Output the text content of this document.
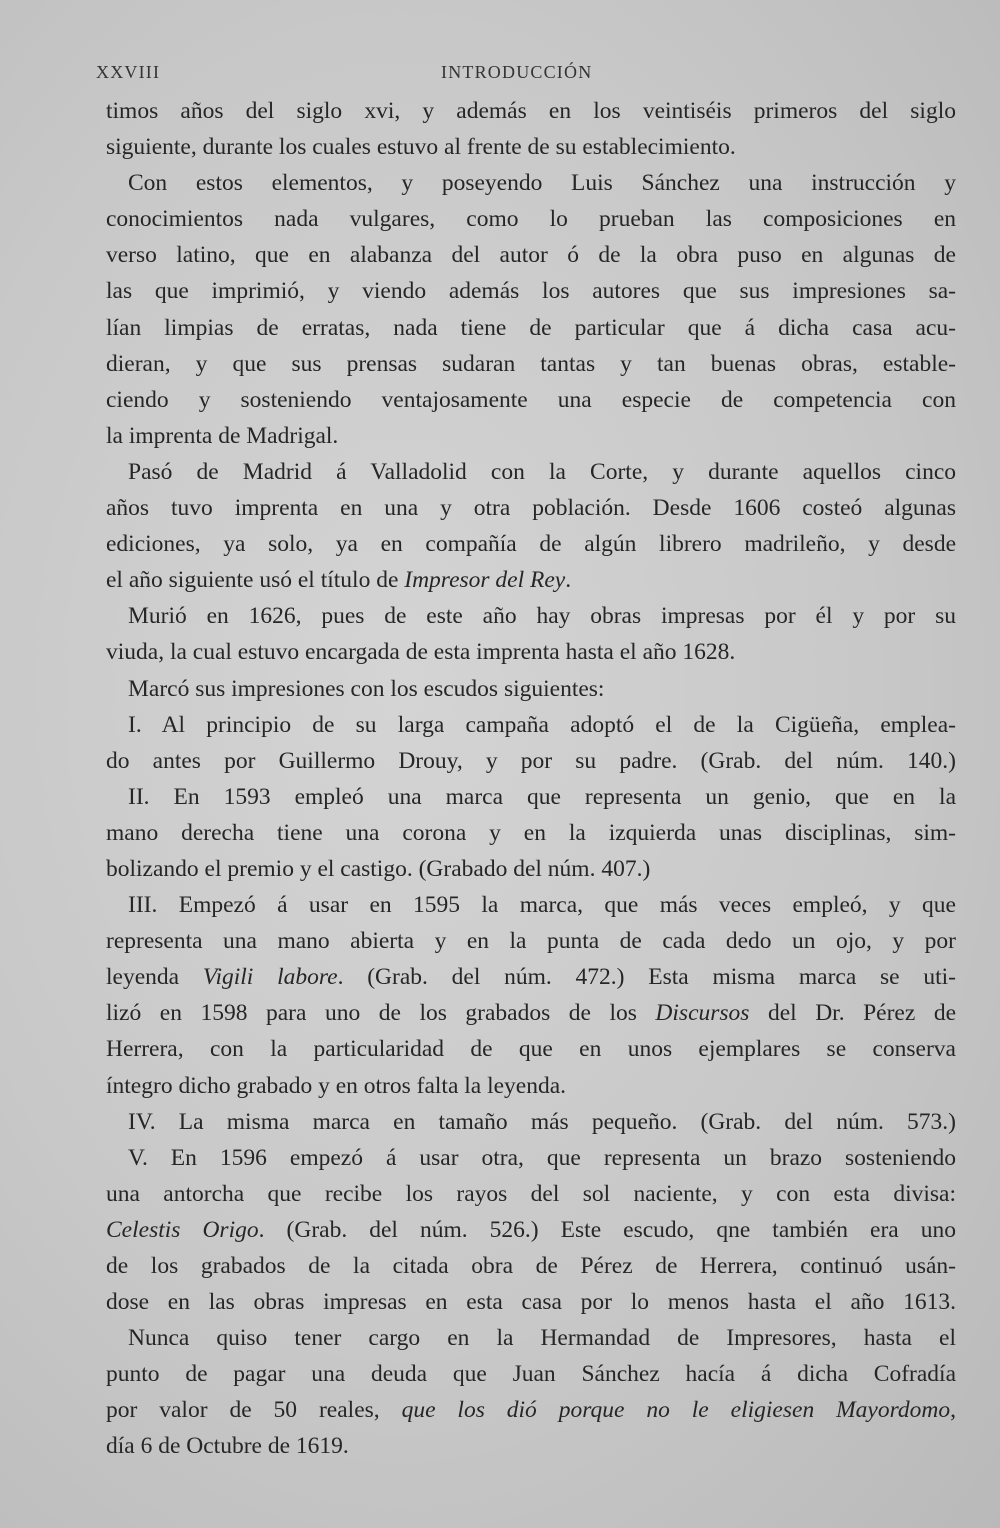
XXVIII	INTRODUCCIÓN
timos años del siglo xvi, y además en los veintiséis primeros del siglo
siguiente, durante los cuales estuvo al frente de su establecimiento.
Con estos elementos, y poseyendo Luis Sánchez una instrucción y
conocimientos nada vulgares, como lo prueban las composiciones en
verso latino, que en alabanza del autor ó de la obra puso en algunas de
las que imprimió, y viendo además los autores que sus impresiones sa-
lían limpias de erratas, nada tiene de particular que á dicha casa acu-
dieran, y que sus prensas sudaran tantas y tan buenas obras, estable-
ciendo y sosteniendo ventajosamente una especie de competencia con
la imprenta de Madrigal.
Pasó de Madrid á Valladolid con la Corte, y durante aquellos cinco
años tuvo imprenta en una y otra población. Desde 1606 costeó algunas
ediciones, ya solo, ya en compañía de algún librero madrileño, y desde
el año siguiente usó el título de Impresor del Rey.
Murió en 1626, pues de este año hay obras impresas por él y por su
viuda, la cual estuvo encargada de esta imprenta hasta el año 1628.
Marcó sus impresiones con los escudos siguientes:
I. Al principio de su larga campaña adoptó el de la Cigüeña, emplea-
do antes por Guillermo Drouy, y por su padre. (Grab. del núm. 140.)
II. En 1593 empleó una marca que representa un genio, que en la
mano derecha tiene una corona y en la izquierda unas disciplinas, sim-
bolizando el premio y el castigo. (Grabado del núm. 407.)
III. Empezó á usar en 1595 la marca, que más veces empleó, y que
representa una mano abierta y en la punta de cada dedo un ojo, y por
leyenda Vigili labore. (Grab. del núm. 472.) Esta misma marca se uti-
lizó en 1598 para uno de los grabados de los Discursos del Dr. Pérez de
Herrera, con la particularidad de que en unos ejemplares se conserva
íntegro dicho grabado y en otros falta la leyenda.
IV. La misma marca en tamaño más pequeño. (Grab. del núm. 573.)
V. En 1596 empezó á usar otra, que representa un brazo sosteniendo
una antorcha que recibe los rayos del sol naciente, y con esta divisa:
Celestis Origo. (Grab. del núm. 526.) Este escudo, qne también era uno
de los grabados de la citada obra de Pérez de Herrera, continuó usán-
dose en las obras impresas en esta casa por lo menos hasta el año 1613.
Nunca quiso tener cargo en la Hermandad de Impresores, hasta el
punto de pagar una deuda que Juan Sánchez hacía á dicha Cofradía
por valor de 50 reales, que los dió porque no le eligiesen Mayordomo,
día 6 de Octubre de 1619.
